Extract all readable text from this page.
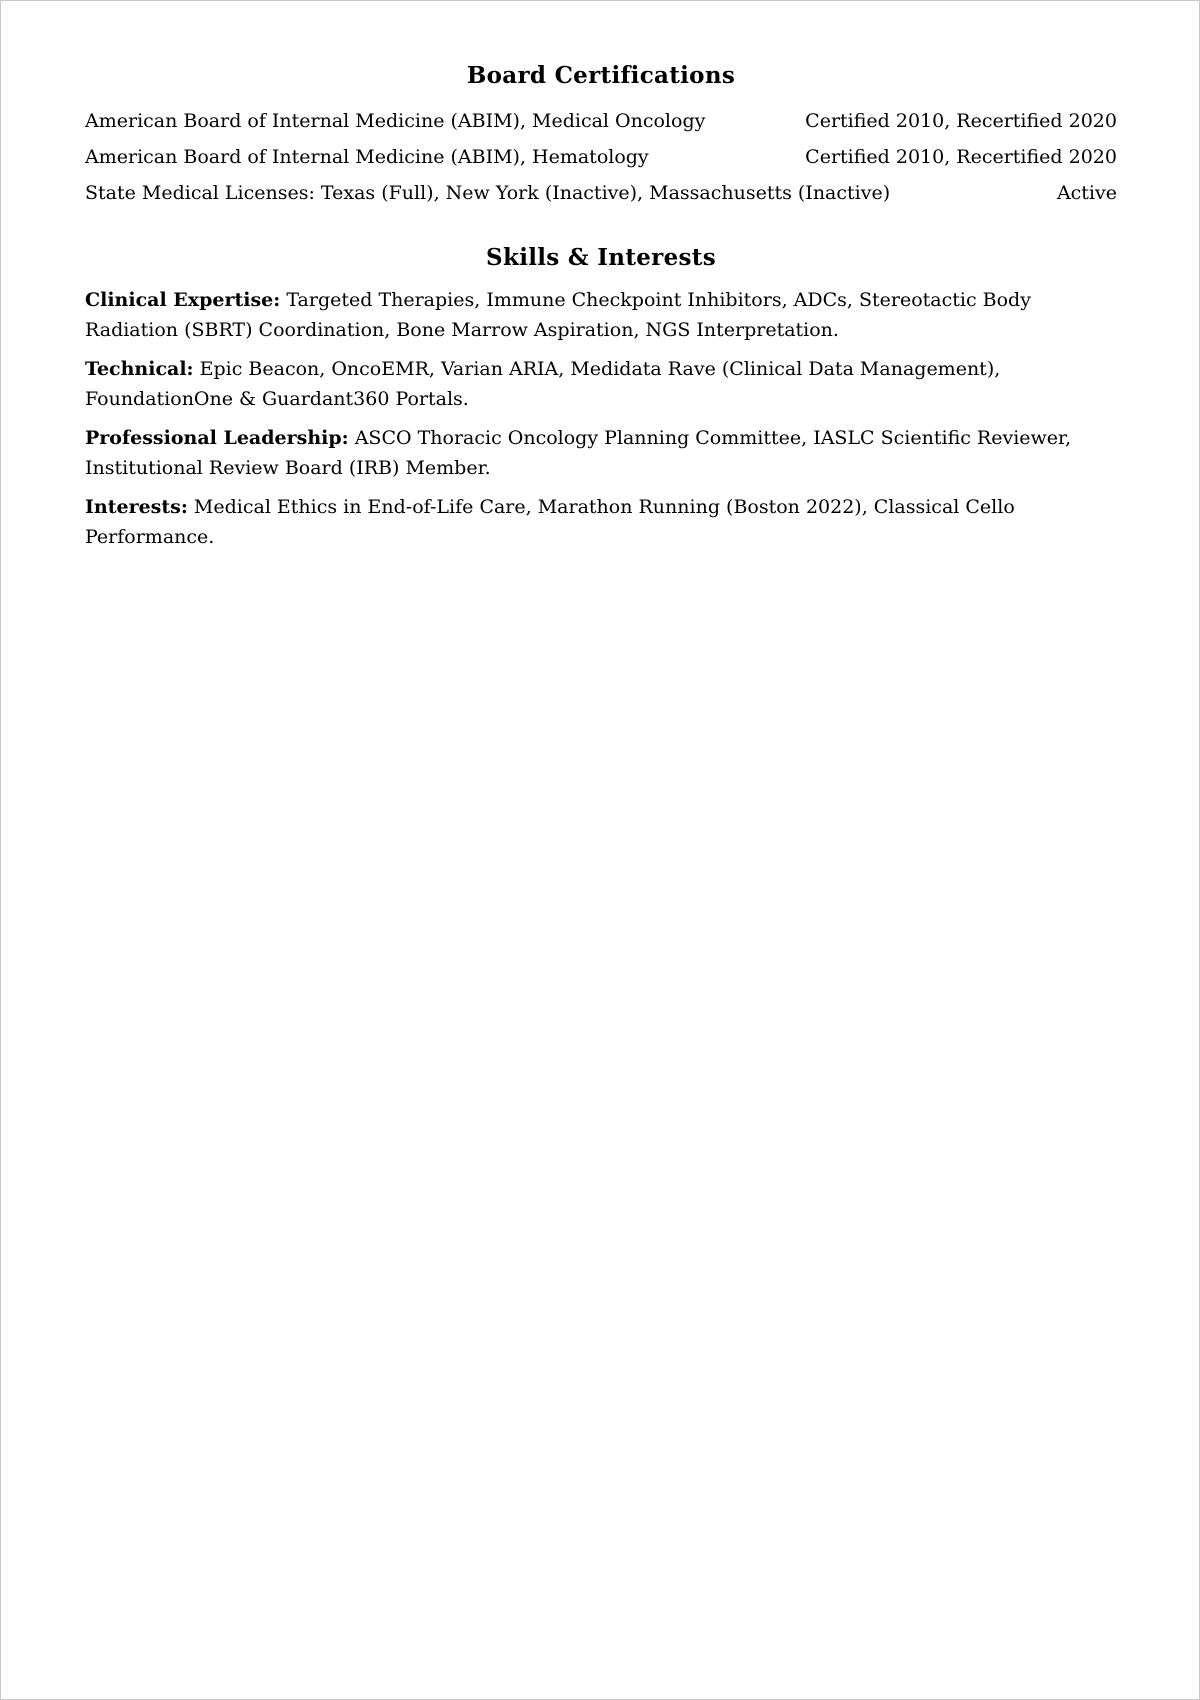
Board Certifications
American Board of Internal Medicine (ABIM), Medical Oncology	Certified 2010, Recertified 2020
American Board of Internal Medicine (ABIM), Hematology	Certified 2010, Recertified 2020
State Medical Licenses: Texas (Full), New York (Inactive), Massachusetts (Inactive)	Active
Skills & Interests

Clinical Expertise: Targeted Therapies, Immune Checkpoint Inhibitors, ADCs, Stereotactic Body Radiation (SBRT) Coordination, Bone Marrow Aspiration, NGS Interpretation.

Technical: Epic Beacon, OncoEMR, Varian ARIA, Medidata Rave (Clinical Data Management), FoundationOne & Guardant360 Portals.

Professional Leadership: ASCO Thoracic Oncology Planning Committee, IASLC Scientific Reviewer, Institutional Review Board (IRB) Member.

Interests: Medical Ethics in End-of-Life Care, Marathon Running (Boston 2022), Classical Cello Performance.
